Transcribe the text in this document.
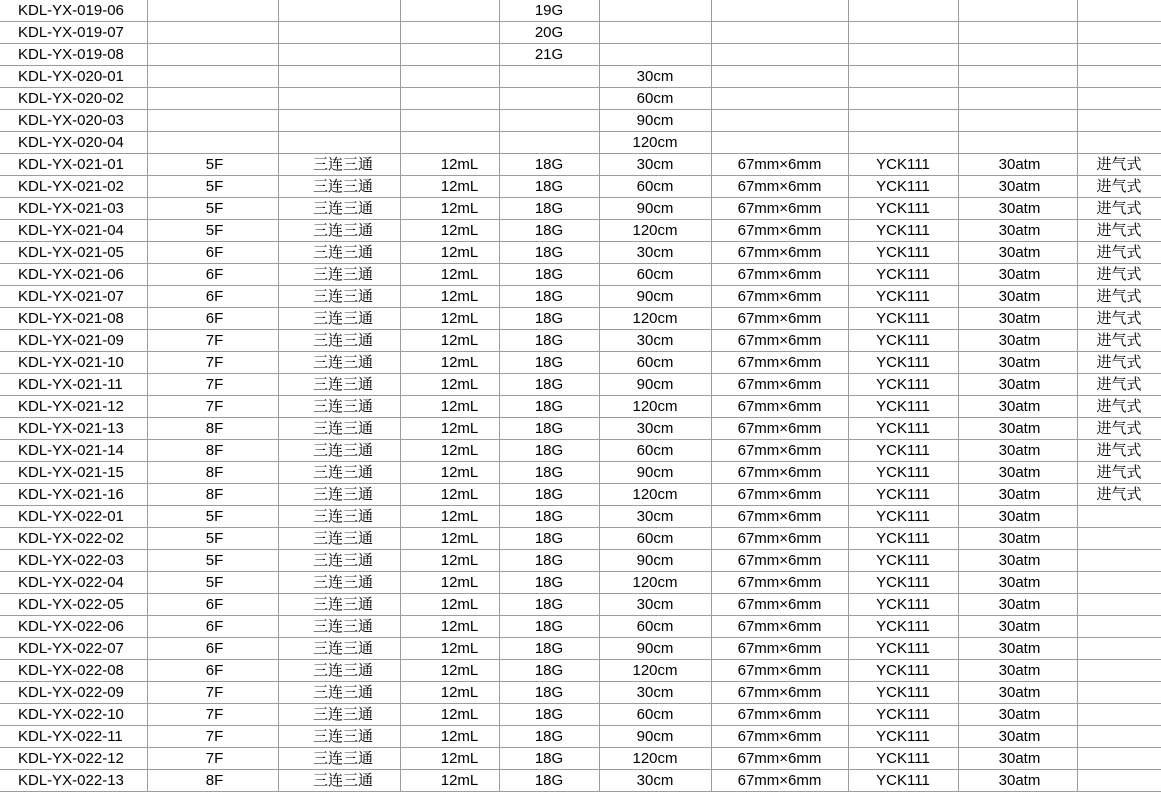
KDL-YX-019-06				19G					
KDL-YX-019-07				20G					
KDL-YX-019-08				21G					
KDL-YX-020-01					30cm				
KDL-YX-020-02					60cm				
KDL-YX-020-03					90cm				
KDL-YX-020-04					120cm				
KDL-YX-021-01	5F	三连三通	12mL	18G	30cm	67mm×6mm	YCK111	30atm	进气式
KDL-YX-021-02	5F	三连三通	12mL	18G	60cm	67mm×6mm	YCK111	30atm	进气式
KDL-YX-021-03	5F	三连三通	12mL	18G	90cm	67mm×6mm	YCK111	30atm	进气式
KDL-YX-021-04	5F	三连三通	12mL	18G	120cm	67mm×6mm	YCK111	30atm	进气式
KDL-YX-021-05	6F	三连三通	12mL	18G	30cm	67mm×6mm	YCK111	30atm	进气式
KDL-YX-021-06	6F	三连三通	12mL	18G	60cm	67mm×6mm	YCK111	30atm	进气式
KDL-YX-021-07	6F	三连三通	12mL	18G	90cm	67mm×6mm	YCK111	30atm	进气式
KDL-YX-021-08	6F	三连三通	12mL	18G	120cm	67mm×6mm	YCK111	30atm	进气式
KDL-YX-021-09	7F	三连三通	12mL	18G	30cm	67mm×6mm	YCK111	30atm	进气式
KDL-YX-021-10	7F	三连三通	12mL	18G	60cm	67mm×6mm	YCK111	30atm	进气式
KDL-YX-021-11	7F	三连三通	12mL	18G	90cm	67mm×6mm	YCK111	30atm	进气式
KDL-YX-021-12	7F	三连三通	12mL	18G	120cm	67mm×6mm	YCK111	30atm	进气式
KDL-YX-021-13	8F	三连三通	12mL	18G	30cm	67mm×6mm	YCK111	30atm	进气式
KDL-YX-021-14	8F	三连三通	12mL	18G	60cm	67mm×6mm	YCK111	30atm	进气式
KDL-YX-021-15	8F	三连三通	12mL	18G	90cm	67mm×6mm	YCK111	30atm	进气式
KDL-YX-021-16	8F	三连三通	12mL	18G	120cm	67mm×6mm	YCK111	30atm	进气式
KDL-YX-022-01	5F	三连三通	12mL	18G	30cm	67mm×6mm	YCK111	30atm	
KDL-YX-022-02	5F	三连三通	12mL	18G	60cm	67mm×6mm	YCK111	30atm	
KDL-YX-022-03	5F	三连三通	12mL	18G	90cm	67mm×6mm	YCK111	30atm	
KDL-YX-022-04	5F	三连三通	12mL	18G	120cm	67mm×6mm	YCK111	30atm	
KDL-YX-022-05	6F	三连三通	12mL	18G	30cm	67mm×6mm	YCK111	30atm	
KDL-YX-022-06	6F	三连三通	12mL	18G	60cm	67mm×6mm	YCK111	30atm	
KDL-YX-022-07	6F	三连三通	12mL	18G	90cm	67mm×6mm	YCK111	30atm	
KDL-YX-022-08	6F	三连三通	12mL	18G	120cm	67mm×6mm	YCK111	30atm	
KDL-YX-022-09	7F	三连三通	12mL	18G	30cm	67mm×6mm	YCK111	30atm	
KDL-YX-022-10	7F	三连三通	12mL	18G	60cm	67mm×6mm	YCK111	30atm	
KDL-YX-022-11	7F	三连三通	12mL	18G	90cm	67mm×6mm	YCK111	30atm	
KDL-YX-022-12	7F	三连三通	12mL	18G	120cm	67mm×6mm	YCK111	30atm	
KDL-YX-022-13	8F	三连三通	12mL	18G	30cm	67mm×6mm	YCK111	30atm	
